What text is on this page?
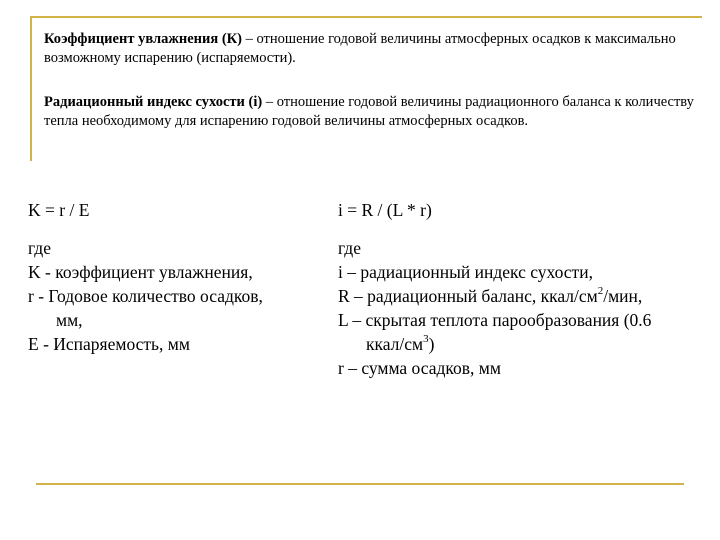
Коэффициент увлажнения (К) – отношение годовой величины атмосферных осадков к максимально возможному испарению (испаряемости).
Радиационный индекс сухости (i) – отношение годовой величины радиационного баланса к количеству тепла необходимому для испарению годовой величины атмосферных осадков.
K = r / E
где
K - коэффициент увлажнения,
r - Годовое количество осадков,
мм,
E - Испаряемость, мм
i = R / (L * r)
где
i – радиационный индекс сухости,
R – радиационный баланс, ккал/$см^2$/мин,
L – скрытая теплота парообразования (0.6
ккал/$см^3$)
r – сумма осадков, мм
